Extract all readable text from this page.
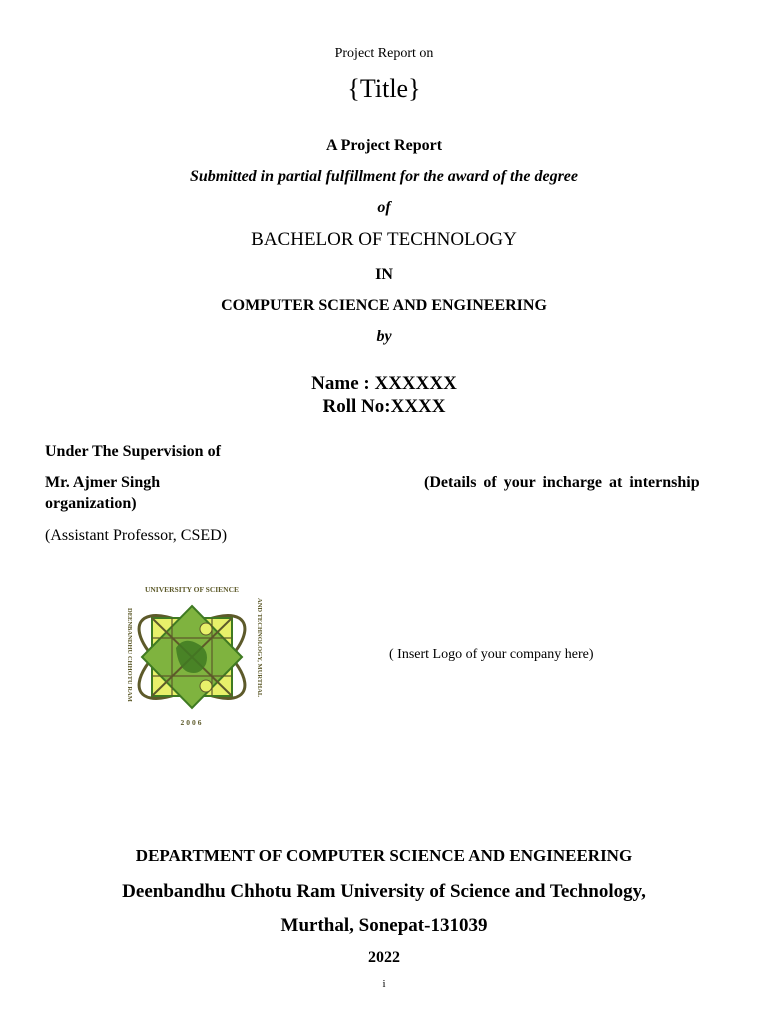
Project Report on
{Title}
A Project Report
Submitted in partial fulfillment for the award of the degree
of
BACHELOR OF TECHNOLOGY
IN
COMPUTER SCIENCE AND ENGINEERING
by
Name : XXXXXX
Roll No:XXXX
Under The Supervision of
Mr. Ajmer Singh	(Details of your incharge at internship
organization)
(Assistant Professor, CSED)
UNIVERSITY OF SCIENCE
DEENBANDHU CHHOTU RAM	AND TECHNOLOGY, MURTHAL
2006
( Insert Logo of your company here)
DEPARTMENT OF COMPUTER SCIENCE AND ENGINEERING
Deenbandhu Chhotu Ram University of Science and Technology,
Murthal, Sonepat-131039
2022
i
